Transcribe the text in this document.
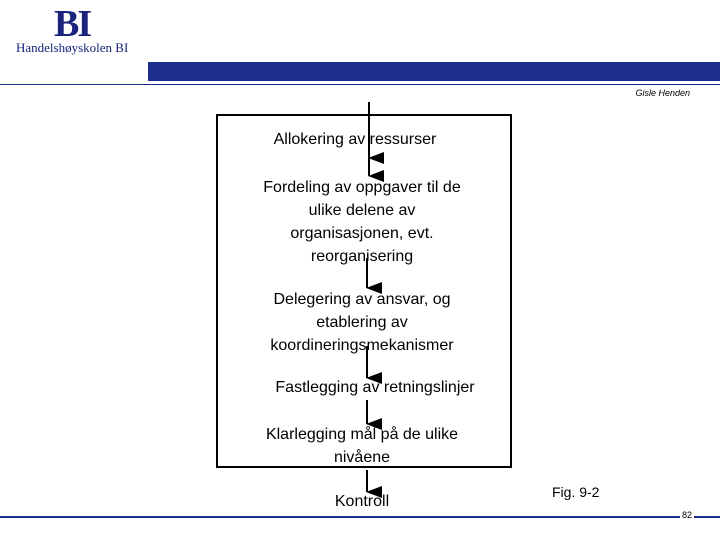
BI
Handelshøyskolen BI
Gisle Henden
Allokering av ressurser
Fordeling av oppgaver til de
ulike delene av
organisasjonen, evt.
reorganisering
Delegering av ansvar, og
etablering av
koordineringsmekanismer
Fastlegging av retningslinjer
Klarlegging mål på de ulike
nivåene
Kontroll
Fig. 9-2
82
